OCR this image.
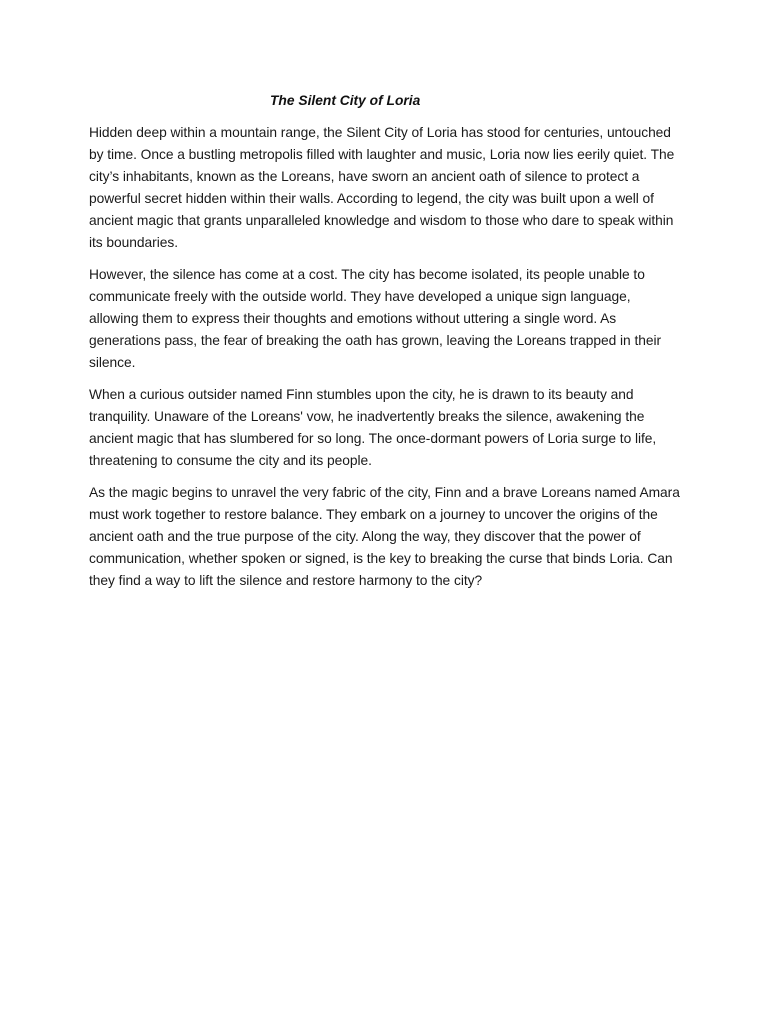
The Silent City of Loria

Hidden deep within a mountain range, the Silent City of Loria has stood for centuries, untouched by time. Once a bustling metropolis filled with laughter and music, Loria now lies eerily quiet. The city’s inhabitants, known as the Loreans, have sworn an ancient oath of silence to protect a powerful secret hidden within their walls. According to legend, the city was built upon a well of ancient magic that grants unparalleled knowledge and wisdom to those who dare to speak within its boundaries.

However, the silence has come at a cost. The city has become isolated, its people unable to communicate freely with the outside world. They have developed a unique sign language, allowing them to express their thoughts and emotions without uttering a single word. As generations pass, the fear of breaking the oath has grown, leaving the Loreans trapped in their silence.

When a curious outsider named Finn stumbles upon the city, he is drawn to its beauty and tranquility. Unaware of the Loreans' vow, he inadvertently breaks the silence, awakening the ancient magic that has slumbered for so long. The once-dormant powers of Loria surge to life, threatening to consume the city and its people.

As the magic begins to unravel the very fabric of the city, Finn and a brave Loreans named Amara must work together to restore balance. They embark on a journey to uncover the origins of the ancient oath and the true purpose of the city. Along the way, they discover that the power of communication, whether spoken or signed, is the key to breaking the curse that binds Loria. Can they find a way to lift the silence and restore harmony to the city?
